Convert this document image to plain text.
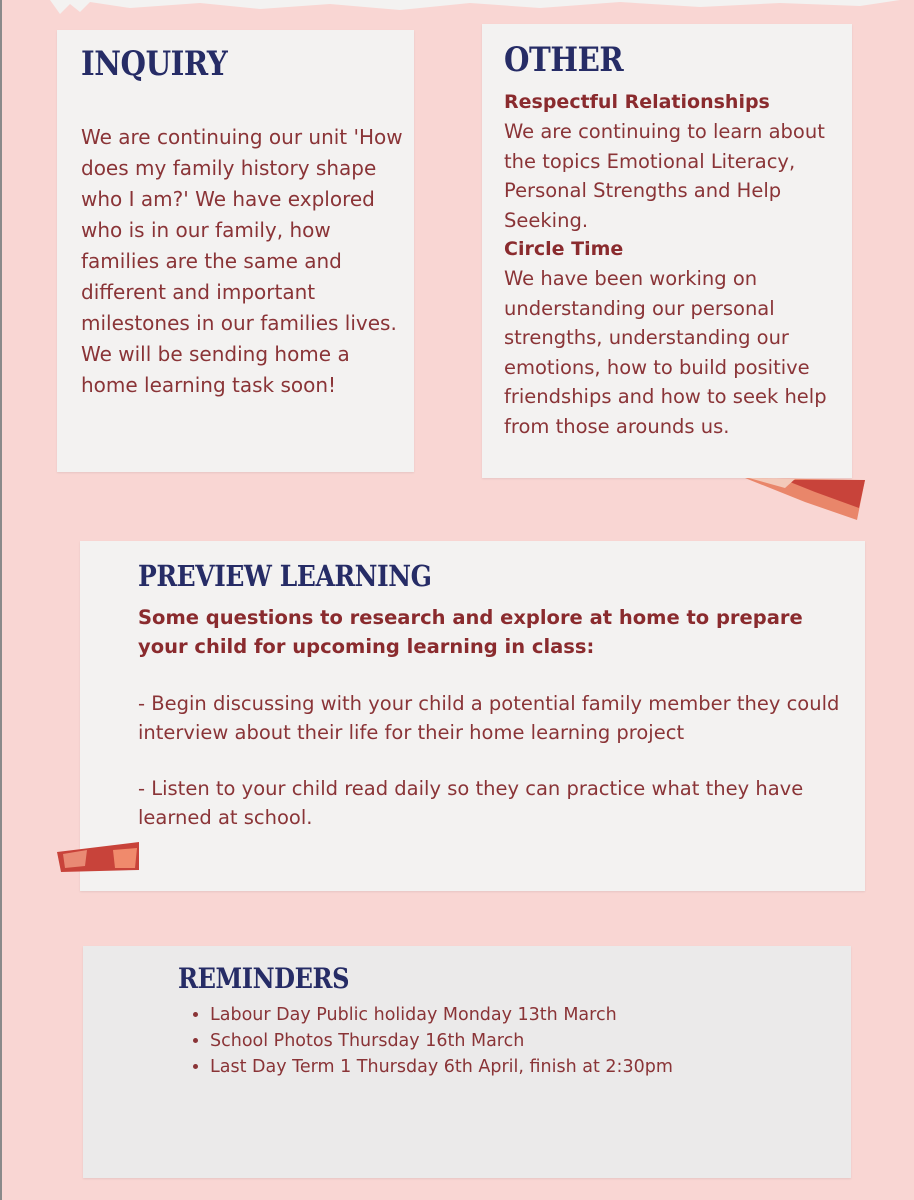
INQUIRY

We are continuing our unit 'How does my family history shape who I am?' We have explored who is in our family, how families are the same and different and important milestones in our families lives. We will be sending home a home learning task soon!

OTHER

Respectful Relationships

We are continuing to learn about the topics Emotional Literacy, Personal Strengths and Help Seeking.

Circle Time

We have been working on understanding our personal strengths, understanding our emotions, how to build positive friendships and how to seek help from those arounds us.

PREVIEW LEARNING

Some questions to research and explore at home to prepare your child for upcoming learning in class:

- Begin discussing with your child a potential family member they could interview about their life for their home learning project

- Listen to your child read daily so they can practice what they have learned at school.

REMINDERS
• Labour Day Public holiday Monday 13th March
• School Photos Thursday 16th March
• Last Day Term 1 Thursday 6th April, finish at 2:30pm
